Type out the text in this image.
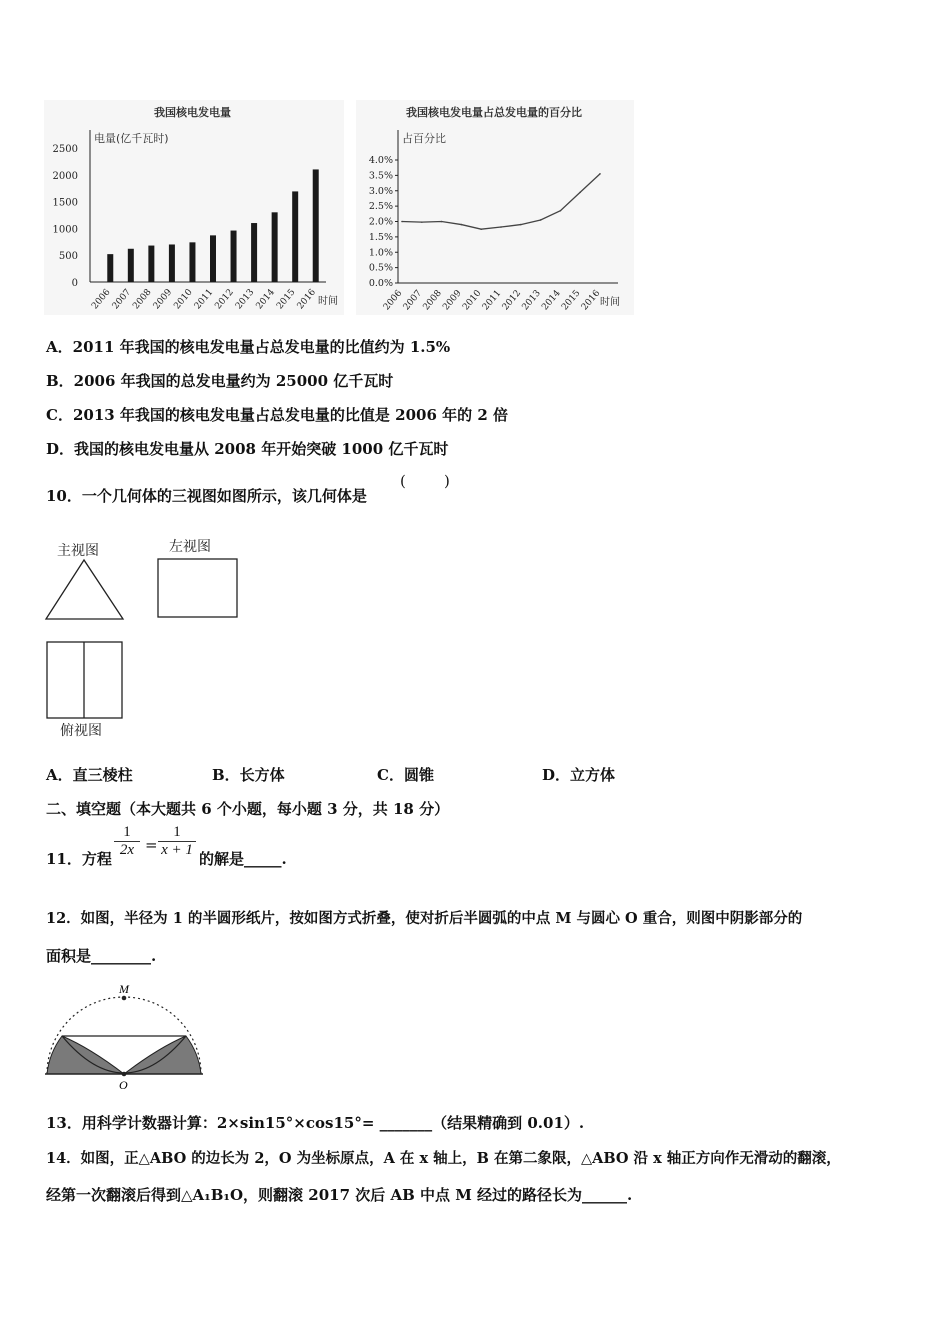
我国核电发电量
电量(亿千瓦时)
0
500
1000
1500
2000
2500
2006
2007
2008
2009
2010
2011
2012
2013
2014
2015
2016 时间
我国核电发电量占总发电量的百分比
占百分比
0.0%
0.5%
1.0%
1.5%
2.0%
2.5%
3.0%
3.5%
4.0%
2006
2007
2008
2009
2010
2011
2012
2013
2014
2015
2016
时间
A．2011 年我国的核电发电量占总发电量的比值约为 1.5%
B．2006 年我国的总发电量约为 25000 亿千瓦时
C．2013 年我国的核电发电量占总发电量的比值是 2006 年的 2 倍
D．我国的核电发电量从 2008 年开始突破 1000 亿千瓦时
10．一个几何体的三视图如图所示，该几何体是
(        )
主视图	左视图
俯视图
A．直三棱柱	B．长方体	C．圆锥	D．立方体
二、填空题（本大题共 6 个小题，每小题 3 分，共 18 分）
11．方程 $\frac{1}{2x} = \frac{1}{x + 1}$ 的解是_____.
12．如图，半径为 1 的半圆形纸片，按如图方式折叠，使对折后半圆弧的中点 M 与圆心 O 重合，则图中阴影部分的
面积是________.
M
O
13．用科学计数器计算：2×sin15°×cos15°= _______（结果精确到 0.01）.
14．如图，正△ABO 的边长为 2，O 为坐标原点，A 在 x 轴上，B 在第二象限，△ABO 沿 x 轴正方向作无滑动的翻滚，
经第一次翻滚后得到△A₁B₁O，则翻滚 2017 次后 AB 中点 M 经过的路径长为______.
